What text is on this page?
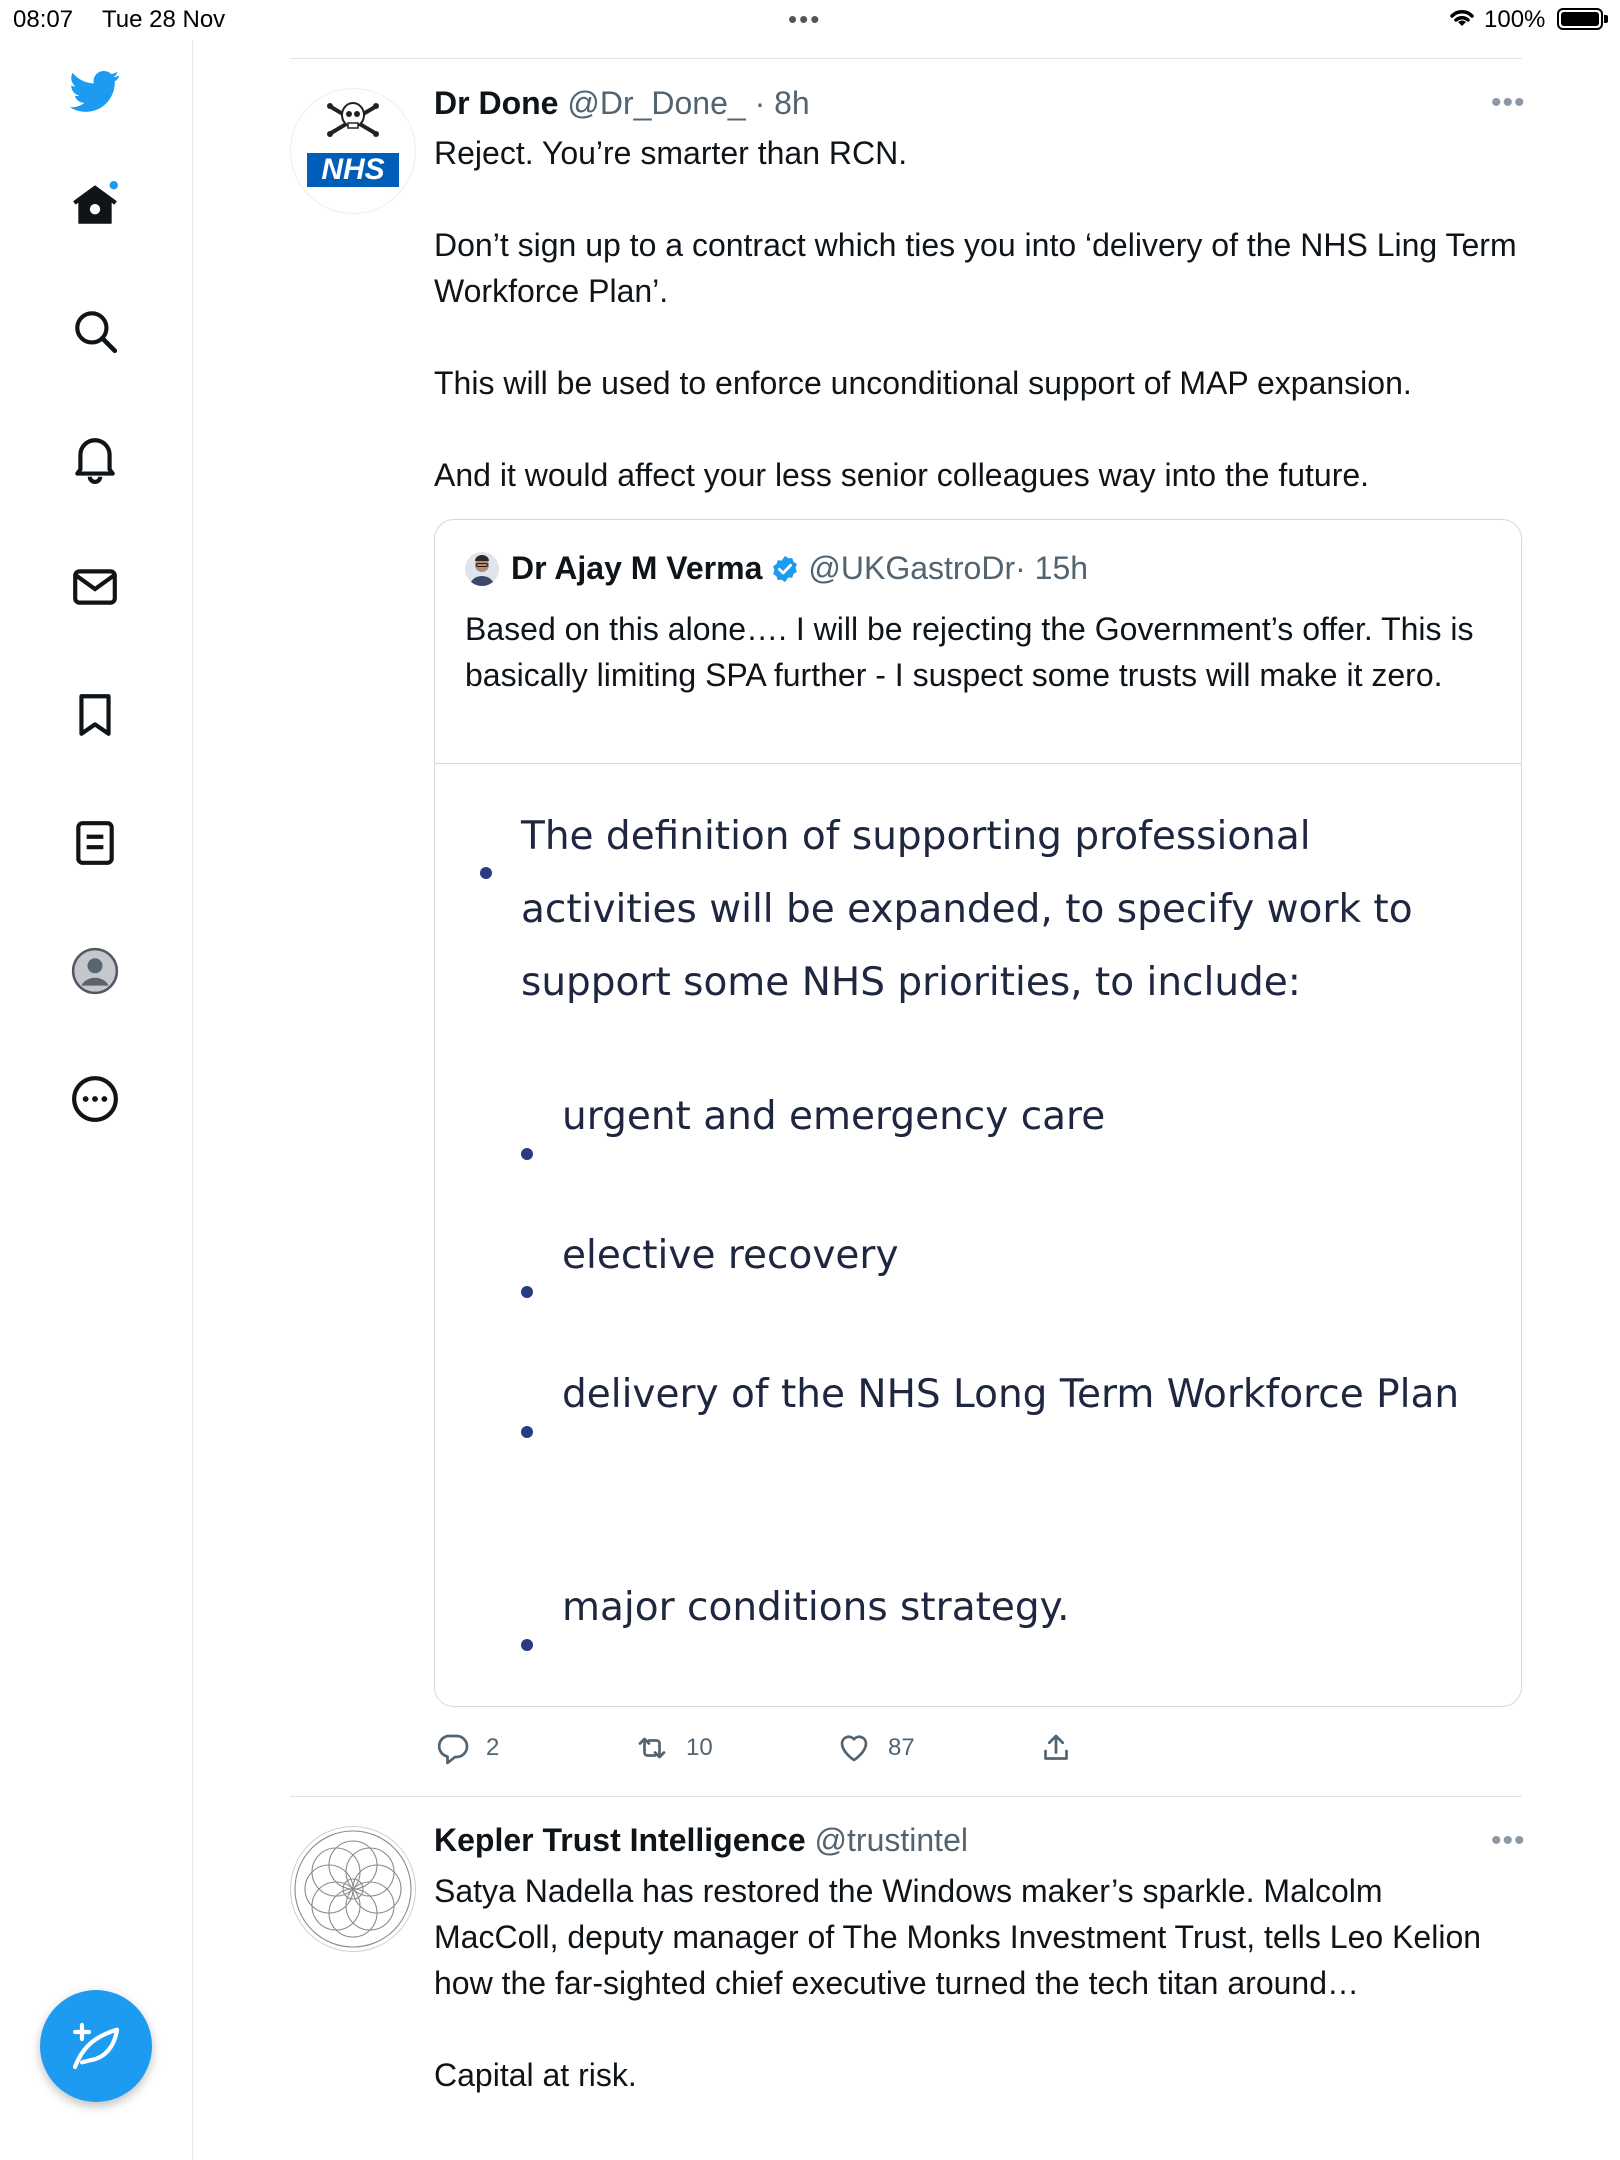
08:07 Tue 28 Nov	•••	100%
NHS
Dr Done @Dr_Done_ · 8h	•••

Reject. You’re smarter than RCN.

Don’t sign up to a contract which ties you into ‘delivery of the NHS Ling Term Workforce Plan’.

This will be used to enforce unconditional support of MAP expansion.

And it would affect your less senior colleagues way into the future.

Dr Ajay M Verma @UKGastroDr · 15h
Based on this alone…. I will be rejecting the Government’s offer. This is basically limiting SPA further - I suspect some trusts will make it zero.
The definition of supporting professional activities will be expanded, to specify work to support some NHS priorities, to include:
urgent and emergency care
elective recovery
delivery of the NHS Long Term Workforce Plan
major conditions strategy.
2	10	87
Kepler Trust Intelligence @trustintel	•••

Satya Nadella has restored the Windows maker’s sparkle. Malcolm MacColl, deputy manager of The Monks Investment Trust, tells Leo Kelion how the far-sighted chief executive turned the tech titan around…

Capital at risk.
